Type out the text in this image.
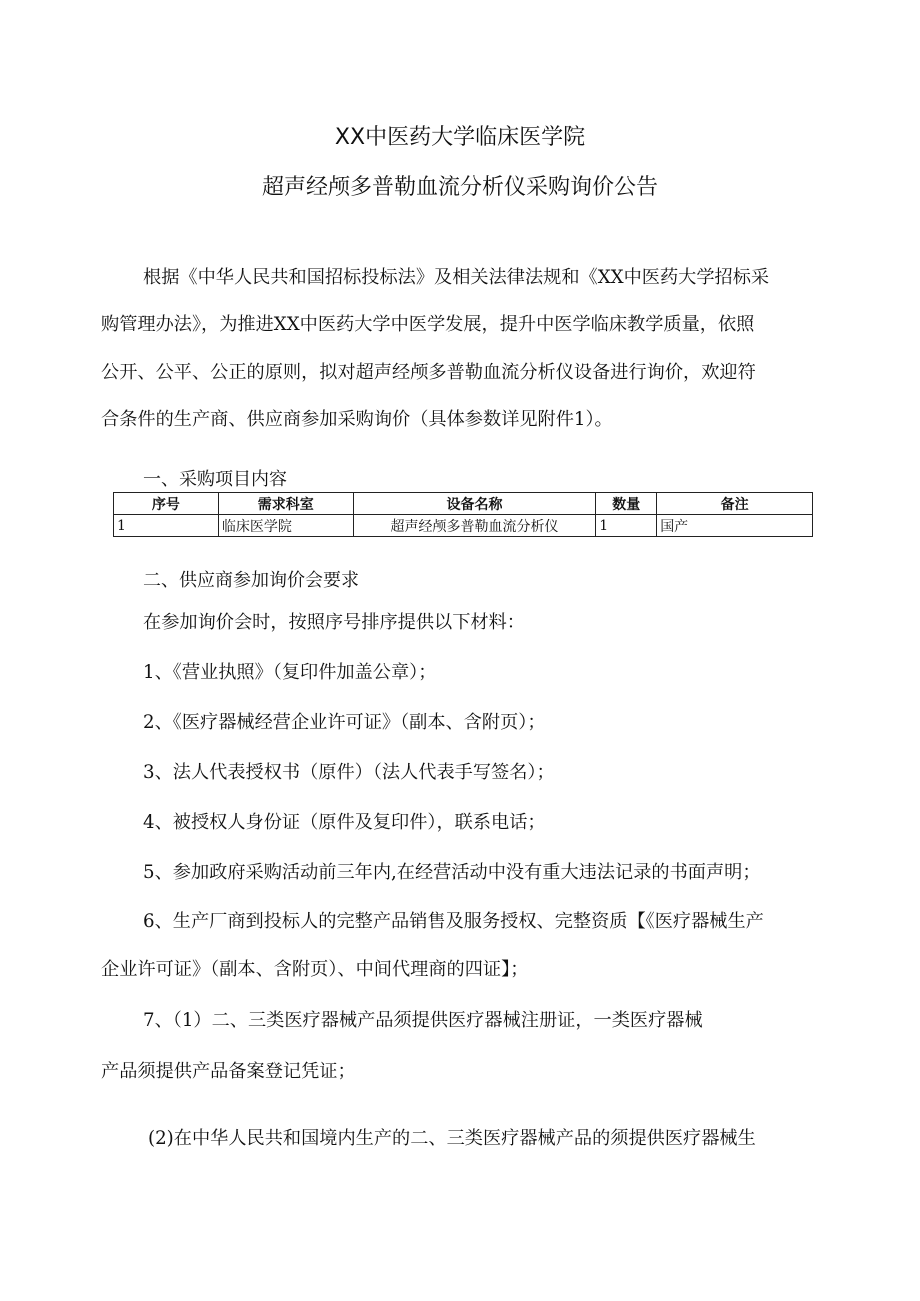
XX中医药大学临床医学院
超声经颅多普勒血流分析仪采购询价公告
根据《中华人民共和国招标投标法》及相关法律法规和《XX中医药大学招标采
购管理办法》，为推进XX中医药大学中医学发展，提升中医学临床教学质量，依照
公开、公平、公正的原则，拟对超声经颅多普勒血流分析仪设备进行询价，欢迎符
合条件的生产商、供应商参加采购询价（具体参数详见附件1）。
一、采购项目内容
序号	需求科室	设备名称	数量	备注
1	临床医学院	超声经颅多普勒血流分析仪	1	国产
二、供应商参加询价会要求
在参加询价会时，按照序号排序提供以下材料：
1、《营业执照》（复印件加盖公章）；
2、《医疗器械经营企业许可证》（副本、含附页）；
3、法人代表授权书（原件）（法人代表手写签名）；
4、被授权人身份证（原件及复印件），联系电话；
5、参加政府采购活动前三年内,在经营活动中没有重大违法记录的书面声明；
6、生产厂商到投标人的完整产品销售及服务授权、完整资质【《医疗器械生产
企业许可证》（副本、含附页）、中间代理商的四证】；
7、（1）二、三类医疗器械产品须提供医疗器械注册证，一类医疗器械
产品须提供产品备案登记凭证；
(2)在中华人民共和国境内生产的二、三类医疗器械产品的须提供医疗器械生
